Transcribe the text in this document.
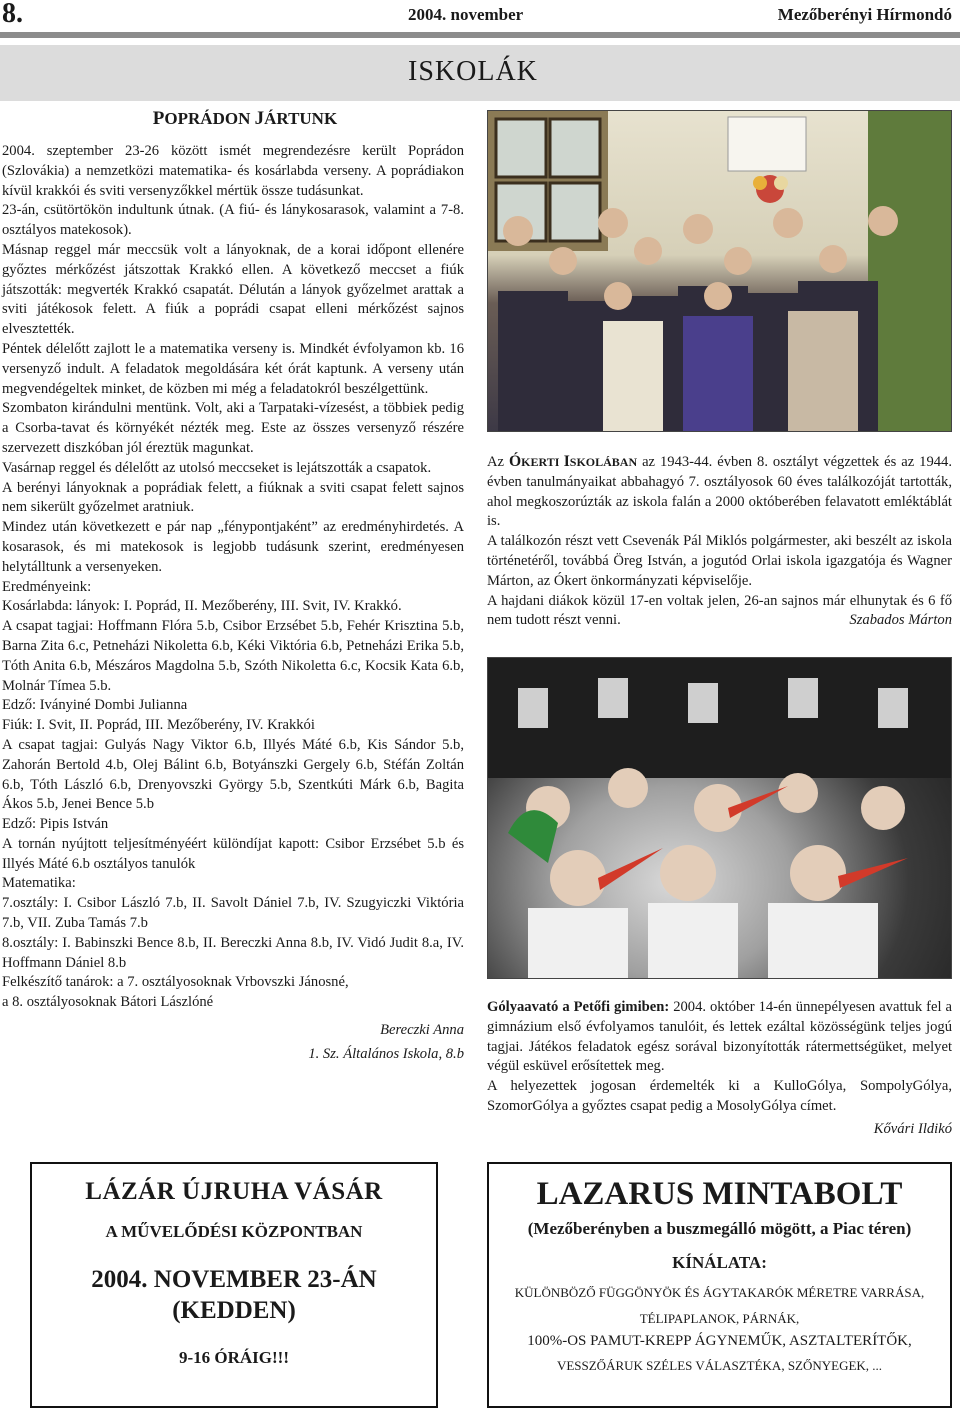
8.	2004. november	Mezőberényi Hírmondó
ISKOLÁK
POPRÁDON JÁRTUNK

2004. szeptember 23-26 között ismét megrendezésre került Poprádon (Szlovákia) a nemzetközi matematika- és kosárlabda verseny. A poprádiakon kívül krakkói és sviti versenyzőkkel mértük össze tudásunkat.

23-án, csütörtökön indultunk útnak. (A fiú- és lánykosarasok, valamint a 7-8. osztályos matekosok).

Másnap reggel már meccsük volt a lányoknak, de a korai időpont ellenére győztes mérkőzést játszottak Krakkó ellen. A következő meccset a fiúk játszották: megverték Krakkó csapatát. Délután a lányok győzelmet arattak a sviti játékosok felett. A fiúk a poprádi csapat elleni mérkőzést sajnos elvesztették.

Péntek délelőtt zajlott le a matematika verseny is. Mindkét évfolyamon kb. 16 versenyző indult. A feladatok megoldására két órát kaptunk. A verseny után megvendégeltek minket, de közben mi még a feladatokról beszélgettünk.

Szombaton kirándulni mentünk. Volt, aki a Tarpataki-vízesést, a többiek pedig a Csorba-tavat és környékét nézték meg. Este az összes versenyző részére szervezett diszkóban jól éreztük magunkat.

Vasárnap reggel és délelőtt az utolsó meccseket is lejátszották a csapatok.

A berényi lányoknak a poprádiak felett, a fiúknak a sviti csapat felett sajnos nem sikerült győzelmet aratniuk.

Mindez után következett e pár nap „fénypontjaként” az eredményhirdetés. A kosarasok, és mi matekosok is legjobb tudásunk szerint, eredményesen helytálltunk a versenyeken.

Eredményeink:

Kosárlabda: lányok: I. Poprád, II. Mezőberény, III. Svit, IV. Krakkó.

A csapat tagjai: Hoffmann Flóra 5.b, Csibor Erzsébet 5.b, Fehér Krisztina 5.b, Barna Zita 6.c, Petneházi Nikoletta 6.b, Kéki Viktória 6.b, Petneházi Erika 5.b, Tóth Anita 6.b, Mészáros Magdolna 5.b, Szóth Nikoletta 6.c, Kocsik Kata 6.b, Molnár Tímea 5.b.

Edző: Iványiné Dombi Julianna

Fiúk: I. Svit, II. Poprád, III. Mezőberény, IV. Krakkói

A csapat tagjai: Gulyás Nagy Viktor 6.b, Illyés Máté 6.b, Kis Sándor 5.b, Zahorán Bertold 4.b, Olej Bálint 6.b, Botyánszki Gergely 6.b, Stéfán Zoltán 6.b, Tóth László 6.b, Drenyovszki György 5.b, Szentkúti Márk 6.b, Bagita Ákos 5.b, Jenei Bence 5.b

Edző: Pipis István

A tornán nyújtott teljesítményéért különdíjat kapott: Csibor Erzsébet 5.b és Illyés Máté 6.b osztályos tanulók

Matematika:

7.osztály: I. Csibor László 7.b, II. Savolt Dániel 7.b, IV. Szugyiczki Viktória 7.b, VII. Zuba Tamás 7.b

8.osztály: I. Babinszki Bence 8.b, II. Bereczki Anna 8.b, IV. Vidó Judit 8.a, IV. Hoffmann Dániel 8.b

Felkészítő tanárok: a 7. osztályosoknak Vrbovszki Jánosné,

a 8. osztályosoknak Bátori Lászlóné

Bereczki Anna
1. Sz. Általános Iskola, 8.b

Az ÓKERTI ISKOLÁBAN az 1943-44. évben 8. osztályt végzettek és az 1944. évben tanulmányaikat abbahagyó 7. osztályosok 60 éves találkozóját tartották, ahol megkoszorúzták az iskola falán a 2000 októberében felavatott emléktáblát is.

A találkozón részt vett Csevenák Pál Miklós polgármester, aki beszélt az iskola történetéről, továbbá Öreg István, a jogutód Orlai iskola igazgatója és Wagner Márton, az Ókert önkormányzati képviselője.

A hajdani diákok közül 17-en voltak jelen, 26-an sajnos már elhunytak és 6 fő nem tudott részt venni.	Szabados Márton

Gólyaavató a Petőfi gimiben: 2004. október 14-én ünnepélyesen avattuk fel a gimnázium első évfolyamos tanulóit, és lettek ezáltal közösségünk teljes jogú tagjai. Játékos feladatok egész sorával bizonyították rátermettségüket, melyet végül esküvel erősítettek meg.

A helyezettek jogosan érdemelték ki a KulloGólya, SompolyGólya, SzomorGólya a győztes csapat pedig a MosolyGólya címet.

Kővári Ildikó
LÁZÁR ÚJRUHA VÁSÁR
A MŰVELŐDÉSI KÖZPONTBAN
2004. NOVEMBER 23-ÁN
(KEDDEN)
9-16 ÓRÁIG!!!
LAZARUS MINTABOLT
(Mezőberényben a buszmegálló mögött, a Piac téren)
KÍNÁLATA:
KÜLÖNBÖZŐ FÜGGÖNYÖK ÉS ÁGYTAKARÓK MÉRETRE VARRÁSA,
TÉLIPAPLANOK, PÁRNÁK,
100%-OS PAMUT-KREPP ÁGYNEMŰK, ASZTALTERÍTŐK,
VESSZŐÁRUK SZÉLES VÁLASZTÉKA, SZŐNYEGEK, ...
